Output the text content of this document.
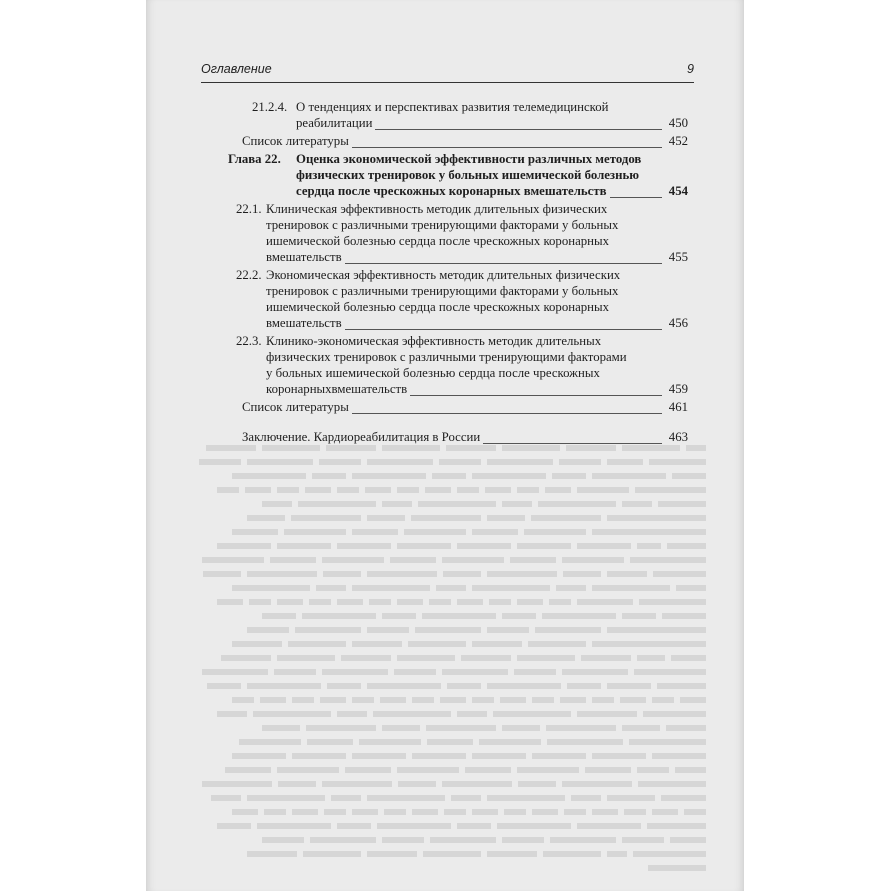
Оглавление	9
21.2.4. О тенденциях и перспективах развития телемедицинской
реабилитации	450
Список литературы	452
Глава 22. Оценка экономической эффективности различных методов
физических тренировок у больных ишемической болезнью
сердца после чрескожных коронарных вмешательств	454
22.1. Клиническая эффективность методик длительных физических
тренировок с различными тренирующими факторами у больных
ишемической болезнью сердца после чрескожных коронарных
вмешательств	455
22.2. Экономическая эффективность методик длительных физических
тренировок с различными тренирующими факторами у больных
ишемической болезнью сердца после чрескожных коронарных
вмешательств	456
22.3. Клинико-экономическая эффективность методик длительных
физических тренировок с различными тренирующими факторами
у больных ишемической болезнью сердца после чрескожных
коронарныхвмешательств	459
Список литературы	461
Заключение. Кардиореабилитация в России	463
